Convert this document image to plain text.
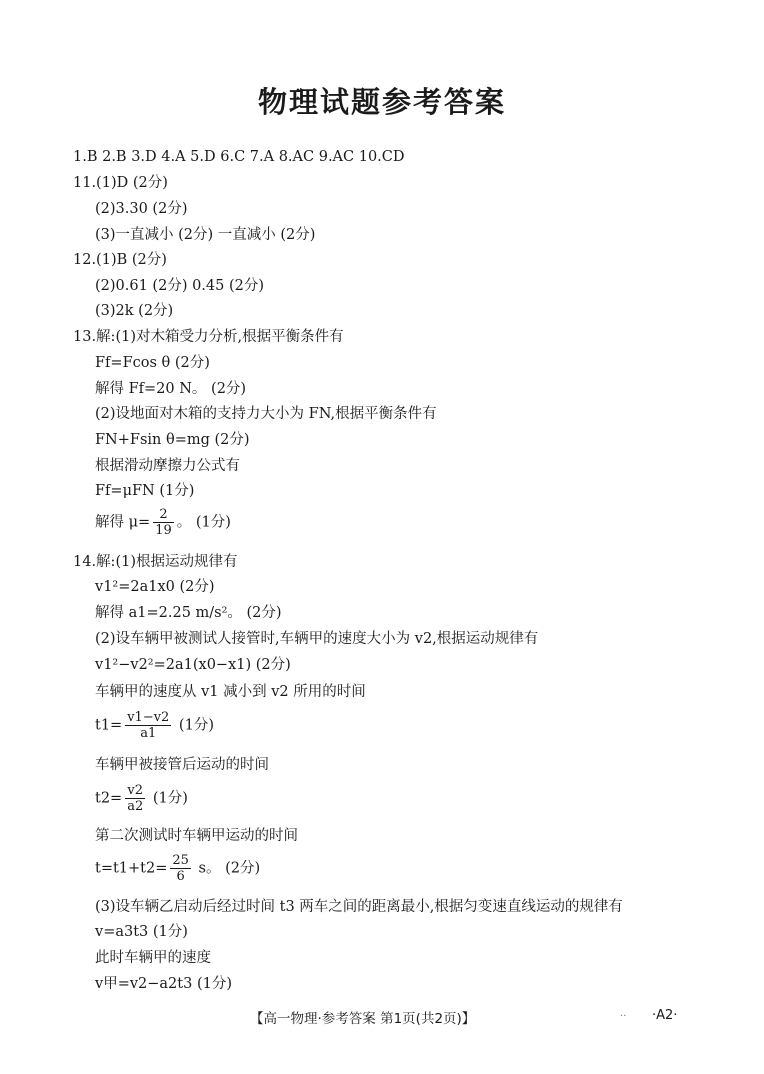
物理试题参考答案
1.B 2.B 3.D 4.A 5.D 6.C 7.A 8.AC 9.AC 10.CD
11.(1)D (2分)
(2)3.30 (2分)
(3)一直减小 (2分) 一直减小 (2分)
12.(1)B (2分)
(2)0.61 (2分) 0.45 (2分)
(3)2k (2分)
13.解:(1)对木箱受力分析,根据平衡条件有
Ff=Fcos θ (2分)
解得 Ff=20 N。 (2分)
(2)设地面对木箱的支持力大小为 FN,根据平衡条件有
FN+Fsin θ=mg (2分)
根据滑动摩擦力公式有
Ff=μFN (1分)
解得 $\mu= \frac{2}{19}$ 。 (1分)
14.解:(1)根据运动规律有
v1²=2a1x0 (2分)
解得 a1=2.25 m/s²。 (2分)
(2)设车辆甲被测试人接管时,车辆甲的速度大小为 v2,根据运动规律有
v1²−v2²=2a1(x0−x1) (2分)
车辆甲的速度从 v1 减小到 v2 所用的时间
$t1= \frac{v1-v2}{a1} (1$分)
车辆甲被接管后运动的时间
$t2= \frac{v2}{a2} (1$分)
第二次测试时车辆甲运动的时间
$t=t1+t2= \frac{25}{6}$ s。 (2分)
(3)设车辆乙启动后经过时间 t3 两车之间的距离最小,根据匀变速直线运动的规律有
v=a3t3 (1分)
此时车辆甲的速度
v甲=v2−a2t3 (1分)
【高一物理·参考答案 第1页(共2页)】	.. ·A2·
